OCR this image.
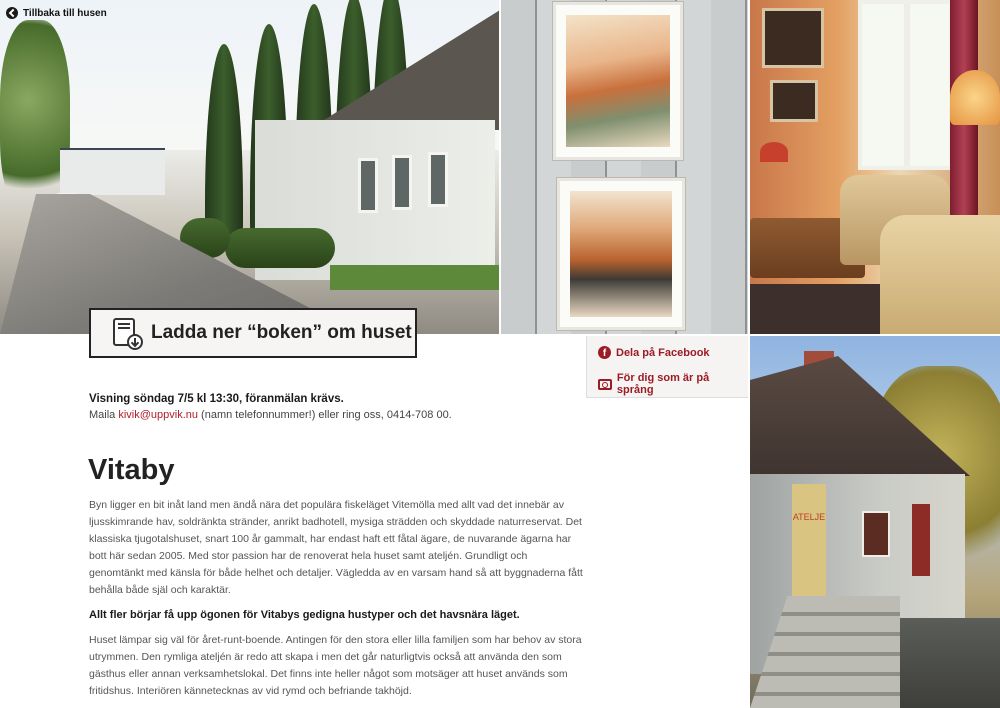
ATELJE
Tillbaka till husen
Ladda ner “boken” om huset
f Dela på Facebook
För dig som är på språng
Visning söndag 7/5 kl 13:30, föranmälan krävs.
Maila kivik@uppvik.nu (namn telefonnummer!) eller ring oss, 0414-708 00.
Vitaby

Byn ligger en bit inåt land men ändå nära det populära fiskeläget Vitemölla med allt vad det innebär av ljusskimrande hav, soldränkta stränder, anrikt badhotell, mysiga strädden och skyddade naturreservat. Det klassiska tjugotalshuset, snart 100 år gammalt, har endast haft ett fåtal ägare, de nuvarande ägarna har bott här sedan 2005. Med stor passion har de renoverat hela huset samt ateljén. Grundligt och genomtänkt med känsla för både helhet och detaljer. Vägledda av en varsam hand så att byggnaderna fått behålla både själ och karaktär.

Allt fler börjar få upp ögonen för Vitabys gedigna hustyper och det havsnära läget.

Huset lämpar sig väl för året-runt-boende. Antingen för den stora eller lilla familjen som har behov av stora utrymmen. Den rymliga ateljén är redo att skapa i men det går naturligtvis också att använda den som gästhus eller annan verksamhetslokal. Det finns inte heller något som motsäger att huset används som fritidshus. Interiören kännetecknas av vid rymd och befriande takhöjd.
